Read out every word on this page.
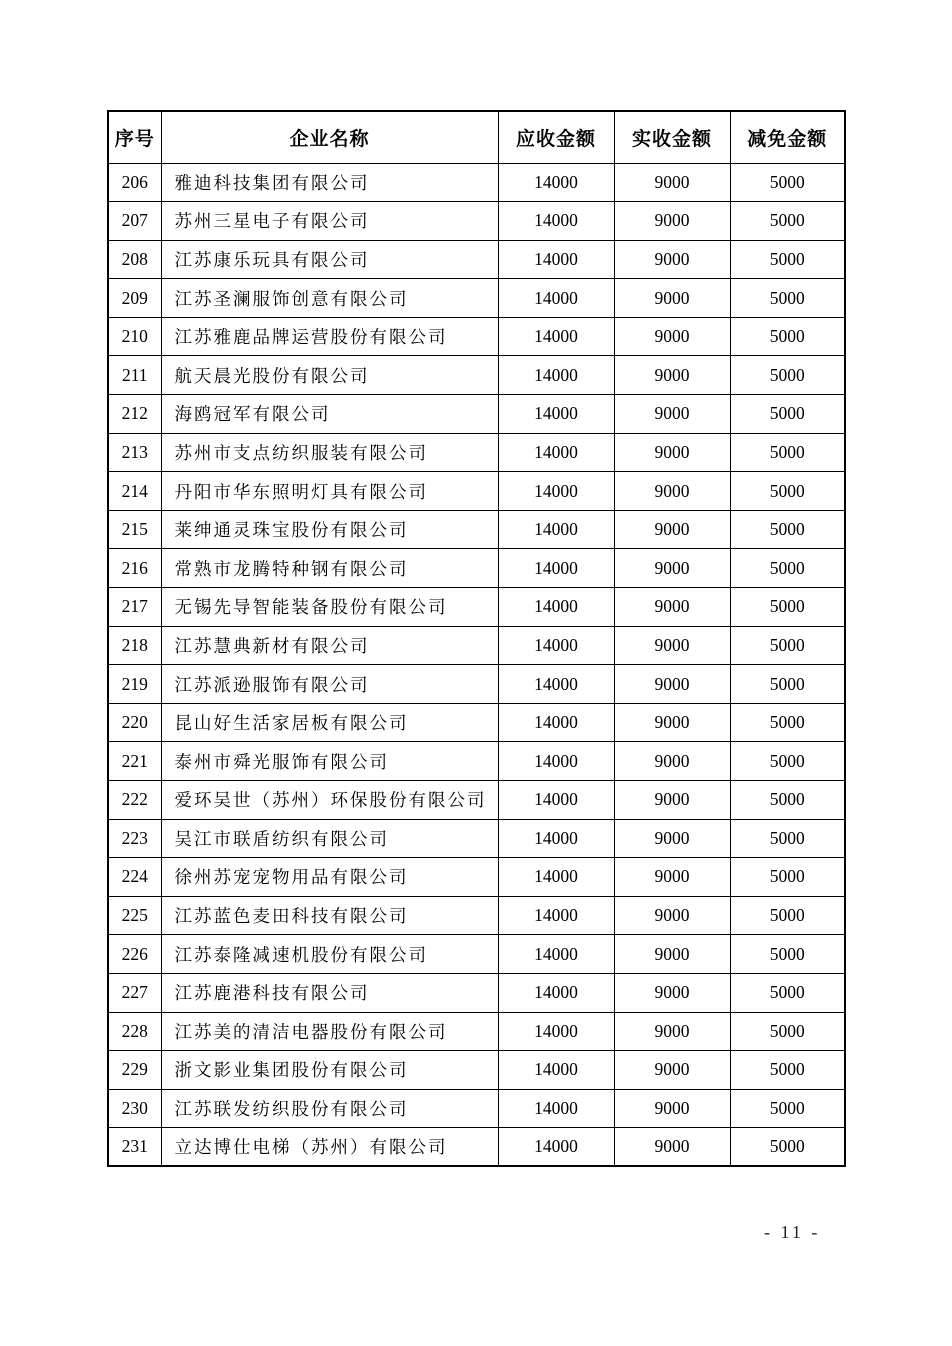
序号	企业名称	应收金额	实收金额	减免金额
206	雅迪科技集团有限公司	14000	9000	5000
207	苏州三星电子有限公司	14000	9000	5000
208	江苏康乐玩具有限公司	14000	9000	5000
209	江苏圣澜服饰创意有限公司	14000	9000	5000
210	江苏雅鹿品牌运营股份有限公司	14000	9000	5000
211	航天晨光股份有限公司	14000	9000	5000
212	海鸥冠军有限公司	14000	9000	5000
213	苏州市支点纺织服装有限公司	14000	9000	5000
214	丹阳市华东照明灯具有限公司	14000	9000	5000
215	莱绅通灵珠宝股份有限公司	14000	9000	5000
216	常熟市龙腾特种钢有限公司	14000	9000	5000
217	无锡先导智能装备股份有限公司	14000	9000	5000
218	江苏慧典新材有限公司	14000	9000	5000
219	江苏派逊服饰有限公司	14000	9000	5000
220	昆山好生活家居板有限公司	14000	9000	5000
221	泰州市舜光服饰有限公司	14000	9000	5000
222	爱环吴世（苏州）环保股份有限公司	14000	9000	5000
223	吴江市联盾纺织有限公司	14000	9000	5000
224	徐州苏宠宠物用品有限公司	14000	9000	5000
225	江苏蓝色麦田科技有限公司	14000	9000	5000
226	江苏泰隆减速机股份有限公司	14000	9000	5000
227	江苏鹿港科技有限公司	14000	9000	5000
228	江苏美的清洁电器股份有限公司	14000	9000	5000
229	浙文影业集团股份有限公司	14000	9000	5000
230	江苏联发纺织股份有限公司	14000	9000	5000
231	立达博仕电梯（苏州）有限公司	14000	9000	5000
- 11 -
